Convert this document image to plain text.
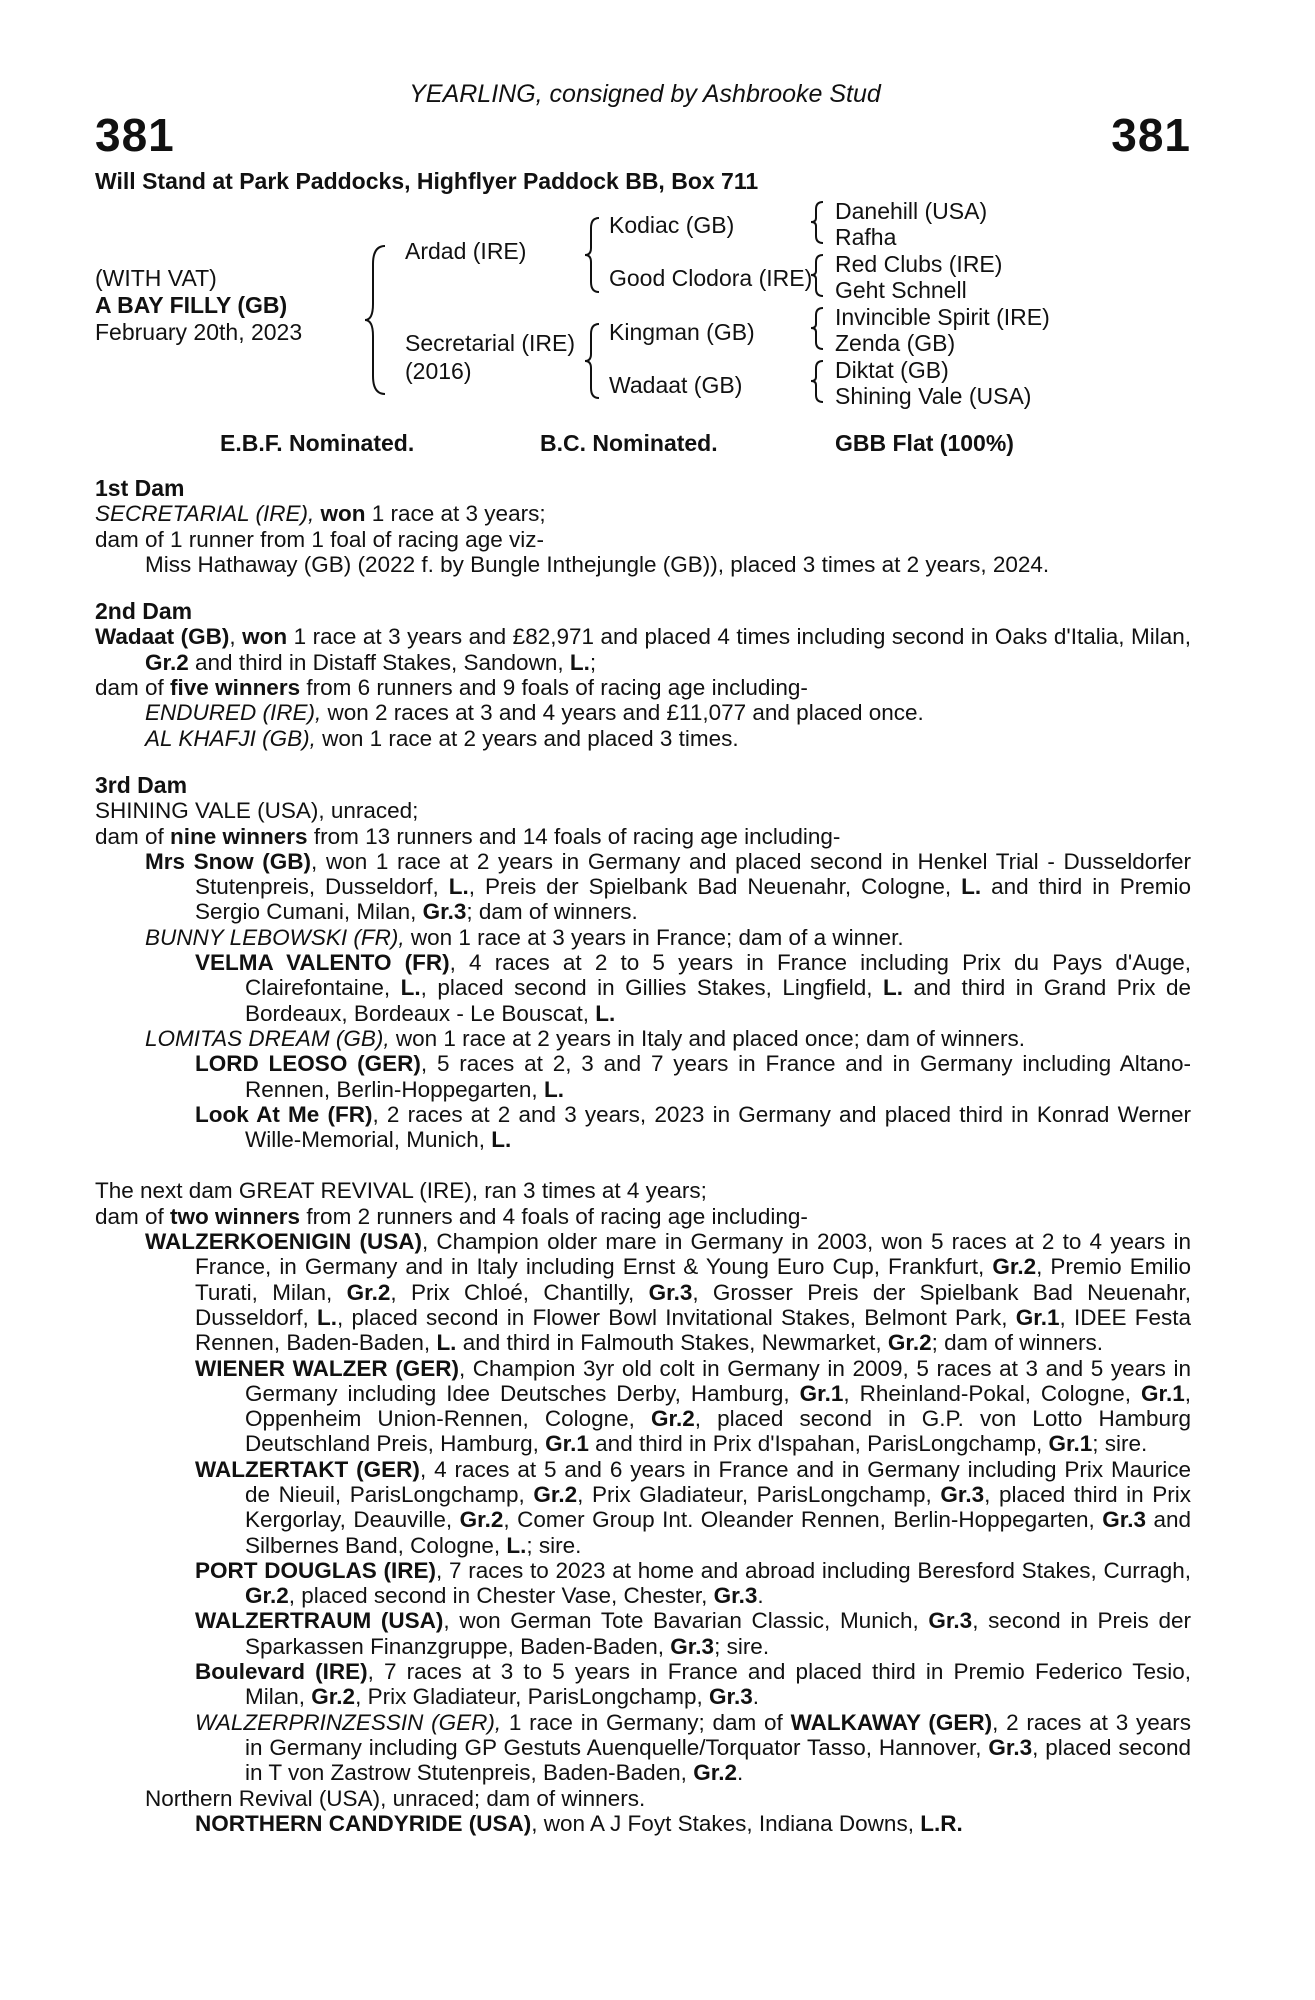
YEARLING, consigned by Ashbrooke Stud
381	381
Will Stand at Park Paddocks, Highflyer Paddock BB, Box 711
(WITH VAT)
A BAY FILLY (GB)
February 20th, 2023
Ardad (IRE)
Secretarial (IRE)
(2016)
Kodiac (GB)
Good Clodora (IRE)
Kingman (GB)
Wadaat (GB)
Danehill (USA)
Rafha
Red Clubs (IRE)
Geht Schnell
Invincible Spirit (IRE)
Zenda (GB)
Diktat (GB)
Shining Vale (USA)
E.B.F. Nominated.	B.C. Nominated.	GBB Flat (100%)

1st Dam

SECRETARIAL (IRE), won 1 race at 3 years;

dam of 1 runner from 1 foal of racing age viz-

Miss Hathaway (GB) (2022 f. by Bungle Inthejungle (GB)), placed 3 times at 2 years, 2024.

2nd Dam

Wadaat (GB), won 1 race at 3 years and £82,971 and placed 4 times including second in Oaks d'Italia, Milan, Gr.2 and third in Distaff Stakes, Sandown, L.;

dam of five winners from 6 runners and 9 foals of racing age including-

ENDURED (IRE), won 2 races at 3 and 4 years and £11,077 and placed once.

AL KHAFJI (GB), won 1 race at 2 years and placed 3 times.

3rd Dam

SHINING VALE (USA), unraced;

dam of nine winners from 13 runners and 14 foals of racing age including-

Mrs Snow (GB), won 1 race at 2 years in Germany and placed second in Henkel Trial - Dusseldorfer Stutenpreis, Dusseldorf, L., Preis der Spielbank Bad Neuenahr, Cologne, L. and third in Premio Sergio Cumani, Milan, Gr.3; dam of winners.

BUNNY LEBOWSKI (FR), won 1 race at 3 years in France; dam of a winner.

VELMA VALENTO (FR), 4 races at 2 to 5 years in France including Prix du Pays d'Auge, Clairefontaine, L., placed second in Gillies Stakes, Lingfield, L. and third in Grand Prix de Bordeaux, Bordeaux - Le Bouscat, L.

LOMITAS DREAM (GB), won 1 race at 2 years in Italy and placed once; dam of winners.

LORD LEOSO (GER), 5 races at 2, 3 and 7 years in France and in Germany including Altano-Rennen, Berlin-Hoppegarten, L.

Look At Me (FR), 2 races at 2 and 3 years, 2023 in Germany and placed third in Konrad Werner Wille-Memorial, Munich, L.

The next dam GREAT REVIVAL (IRE), ran 3 times at 4 years;

dam of two winners from 2 runners and 4 foals of racing age including-

WALZERKOENIGIN (USA), Champion older mare in Germany in 2003, won 5 races at 2 to 4 years in France, in Germany and in Italy including Ernst & Young Euro Cup, Frankfurt, Gr.2, Premio Emilio Turati, Milan, Gr.2, Prix Chloé, Chantilly, Gr.3, Grosser Preis der Spielbank Bad Neuenahr, Dusseldorf, L., placed second in Flower Bowl Invitational Stakes, Belmont Park, Gr.1, IDEE Festa Rennen, Baden-Baden, L. and third in Falmouth Stakes, Newmarket, Gr.2; dam of winners.

WIENER WALZER (GER), Champion 3yr old colt in Germany in 2009, 5 races at 3 and 5 years in Germany including Idee Deutsches Derby, Hamburg, Gr.1, Rheinland-Pokal, Cologne, Gr.1, Oppenheim Union-Rennen, Cologne, Gr.2, placed second in G.P. von Lotto Hamburg Deutschland Preis, Hamburg, Gr.1 and third in Prix d'Ispahan, ParisLongchamp, Gr.1; sire.

WALZERTAKT (GER), 4 races at 5 and 6 years in France and in Germany including Prix Maurice de Nieuil, ParisLongchamp, Gr.2, Prix Gladiateur, ParisLongchamp, Gr.3, placed third in Prix Kergorlay, Deauville, Gr.2, Comer Group Int. Oleander Rennen, Berlin-Hoppegarten, Gr.3 and Silbernes Band, Cologne, L.; sire.

PORT DOUGLAS (IRE), 7 races to 2023 at home and abroad including Beresford Stakes, Curragh, Gr.2, placed second in Chester Vase, Chester, Gr.3.

WALZERTRAUM (USA), won German Tote Bavarian Classic, Munich, Gr.3, second in Preis der Sparkassen Finanzgruppe, Baden-Baden, Gr.3; sire.

Boulevard (IRE), 7 races at 3 to 5 years in France and placed third in Premio Federico Tesio, Milan, Gr.2, Prix Gladiateur, ParisLongchamp, Gr.3.

WALZERPRINZESSIN (GER), 1 race in Germany; dam of WALKAWAY (GER), 2 races at 3 years in Germany including GP Gestuts Auenquelle/Torquator Tasso, Hannover, Gr.3, placed second in T von Zastrow Stutenpreis, Baden-Baden, Gr.2.

Northern Revival (USA), unraced; dam of winners.

NORTHERN CANDYRIDE (USA), won A J Foyt Stakes, Indiana Downs, L.R.
